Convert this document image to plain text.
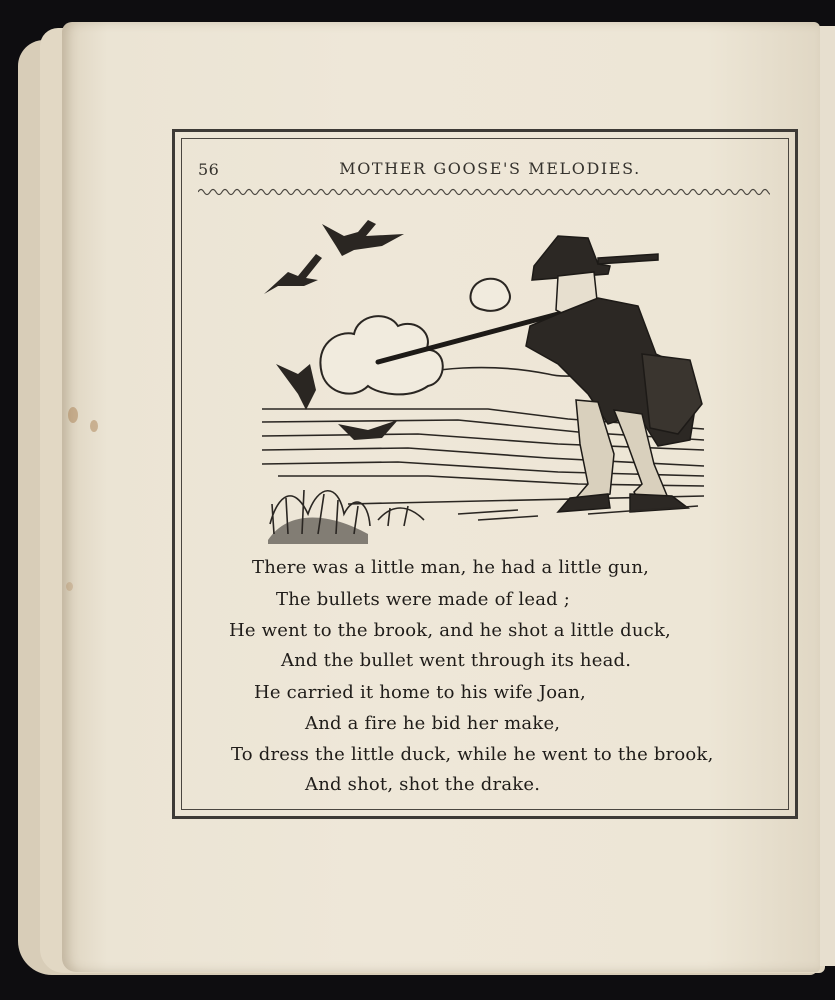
56	MOTHER GOOSE'S MELODIES.
There was a little man, he had a little gun,
The bullets were made of lead ;
He went to the brook, and he shot a little duck,
And the bullet went through its head.
He carried it home to his wife Joan,
And a fire he bid her make,
To dress the little duck, while he went to the brook,
And shot, shot the drake.
